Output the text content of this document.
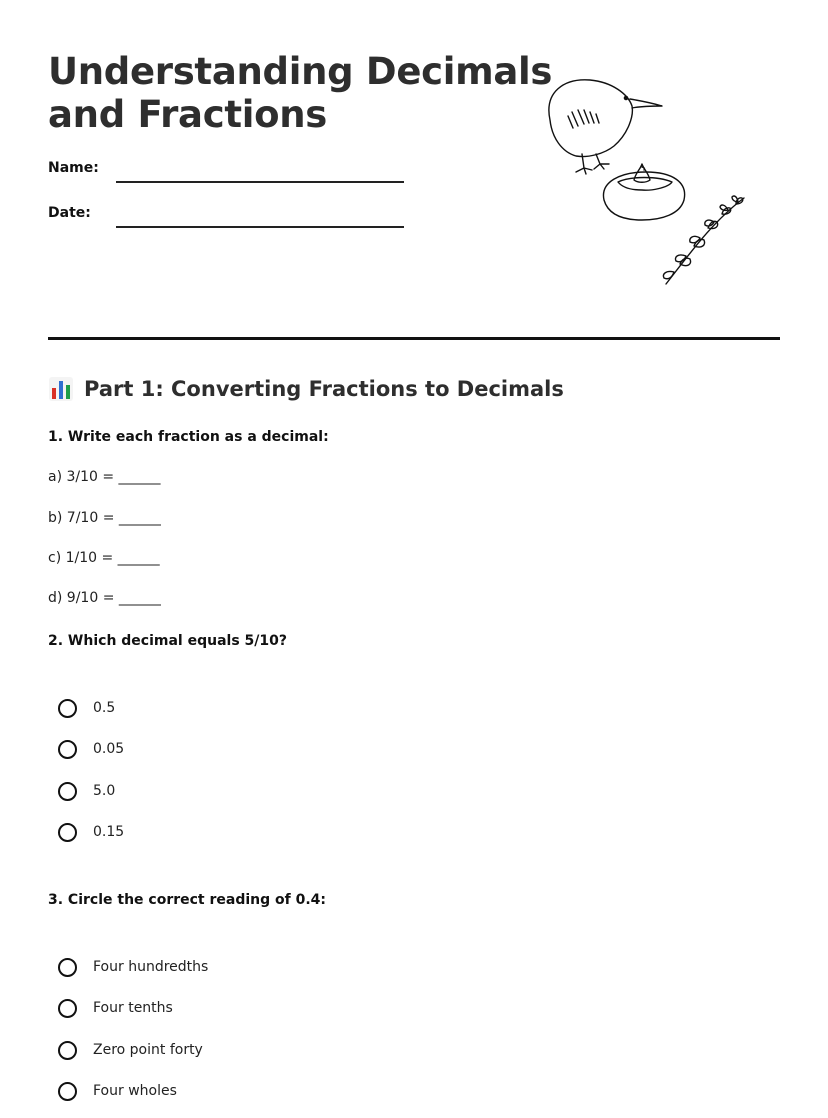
Understanding Decimals
and Fractions
Name:
Date:
Part 1: Converting Fractions to Decimals
1. Write each fraction as a decimal:
a) 3/10 = ______
b) 7/10 = ______
c) 1/10 = ______
d) 9/10 = ______
2. Which decimal equals 5/10?
0.5
0.05
5.0
0.15
3. Circle the correct reading of 0.4:
Four hundredths
Four tenths
Zero point forty
Four wholes
